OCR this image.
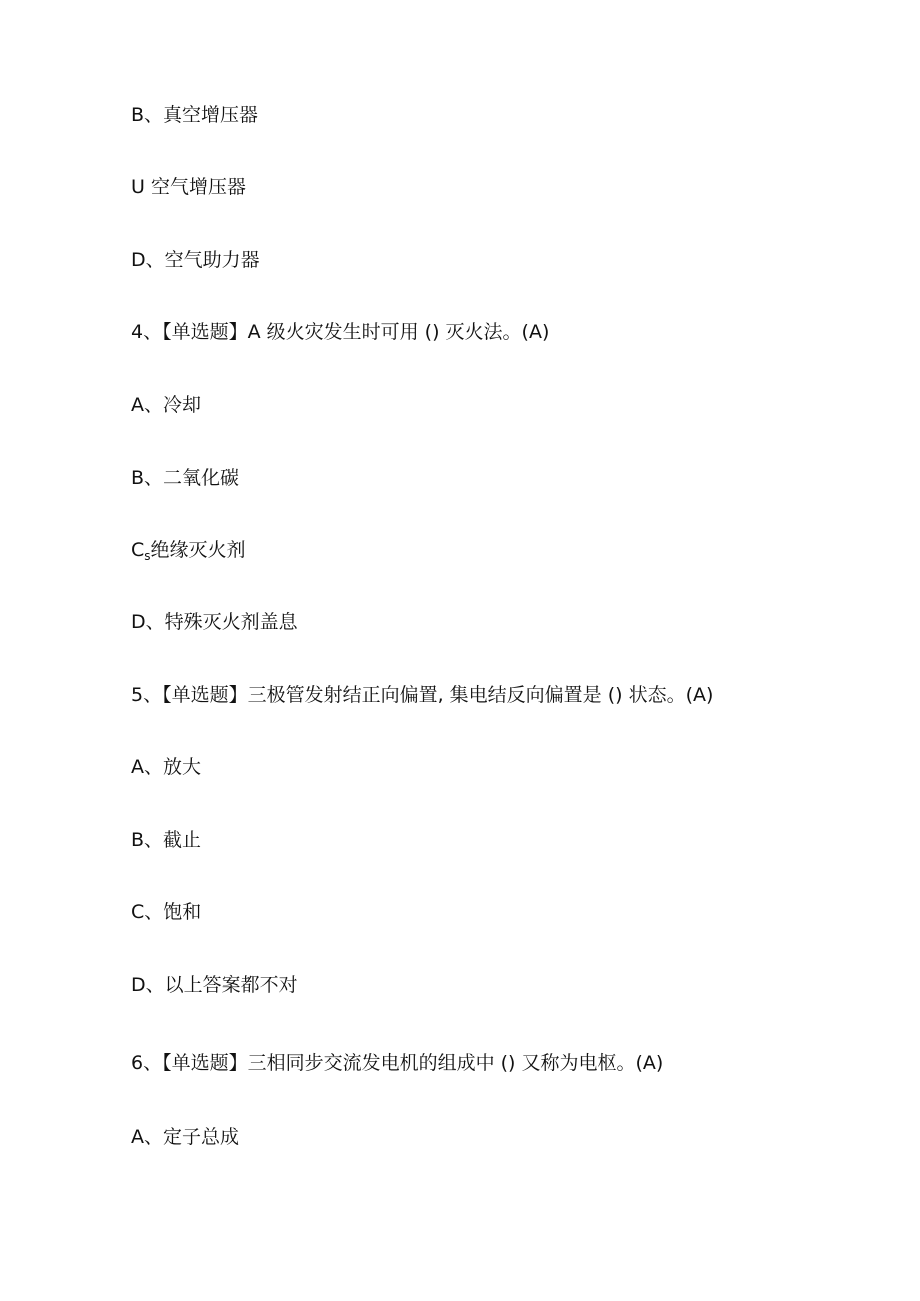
B、真空增压器
U 空气增压器
D、空气助力器
4、【单选题】A 级火灾发生时可用 () 灭火法。(A)
A、冷却
B、二氧化碳
$C_s$绝缘灭火剂
D、特殊灭火剂盖息
5、【单选题】三极管发射结正向偏置, 集电结反向偏置是 () 状态。(A)
A、放大
B、截止
C、饱和
D、以上答案都不对
6、【单选题】三相同步交流发电机的组成中 () 又称为电枢。(A)
A、定子总成
